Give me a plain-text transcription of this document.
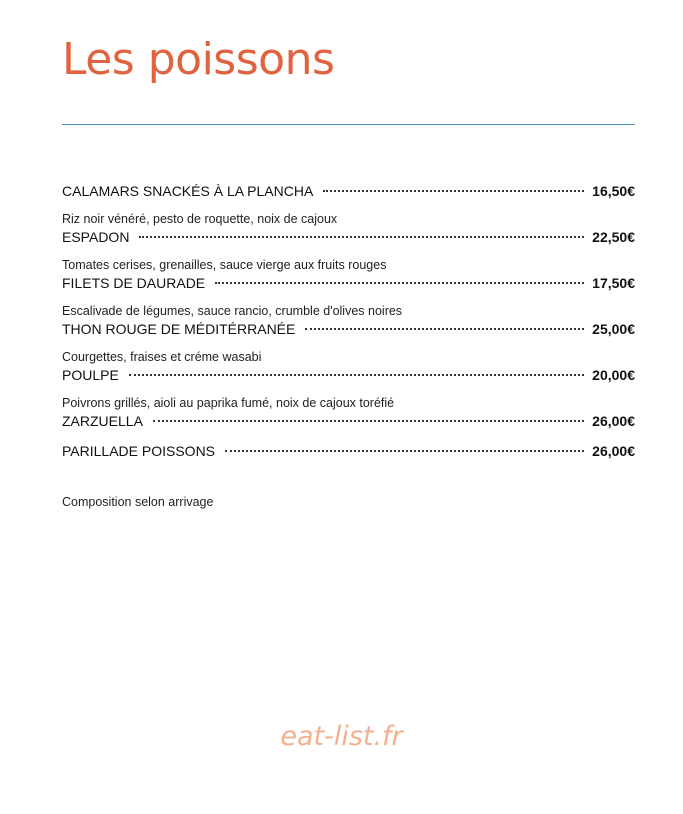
Les poissons
CALAMARS SNACKÉS À LA PLANCHA	16,50€
Riz noir vénéré, pesto de roquette, noix de cajoux
ESPADON	22,50€
Tomates cerises, grenailles, sauce vierge aux fruits rouges
FILETS DE DAURADE	17,50€
Escalivade de légumes, sauce rancio, crumble d'olives noires
THON ROUGE DE MÉDITÉRRANÉE	25,00€
Courgettes, fraises et créme wasabi
POULPE	20,00€
Poivrons grillés, aioli au paprika fumé, noix de cajoux toréfié
ZARZUELLA	26,00€
PARILLADE POISSONS	26,00€
Composition selon arrivage
eat-list.fr
